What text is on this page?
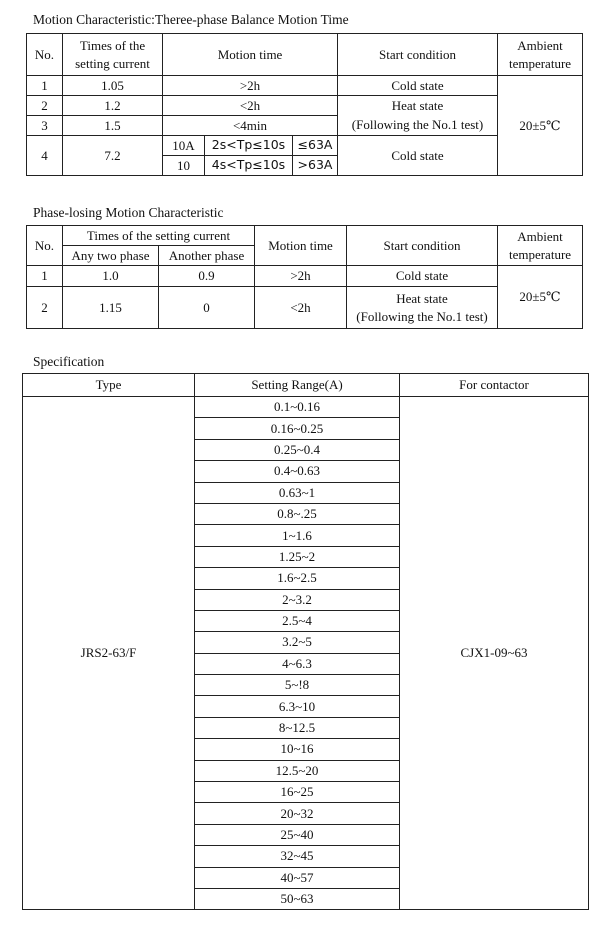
Motion Characteristic:Theree-phase Balance Motion Time
No.	Times of the setting current	Motion time			Start condition	Ambient temperature
1	1.05	>2h			Cold state	20±5℃
2	1.2	<2h			Heat state	
3	1.5	<4min			(Following the No.1 test)	
4	7.2	10A	2s<Tp≤10s	≤63A	Cold state	
		10	4s<Tp≤10s	>63A		
Phase-losing Motion Characteristic
No.	Times of the setting current		Motion time	Start condition	Ambient temperature
	Any two phase	Another phase			
1	1.0	0.9	>2h	Cold state	20±5℃
2	1.15	0	<2h	Heat state
(Following the No.1 test)	
Specification
Type	Setting Range(A)	For contactor
JRS2-63/F	0.1~0.16	CJX1-09~63
	0.16~0.25	
	0.25~0.4	
	0.4~0.63	
	0.63~1	
	0.8~.25	
	1~1.6	
	1.25~2	
	1.6~2.5	
	2~3.2	
	2.5~4	
	3.2~5	
	4~6.3	
	5~!8	
	6.3~10	
	8~12.5	
	10~16	
	12.5~20	
	16~25	
	20~32	
	25~40	
	32~45	
	40~57	
	50~63	
